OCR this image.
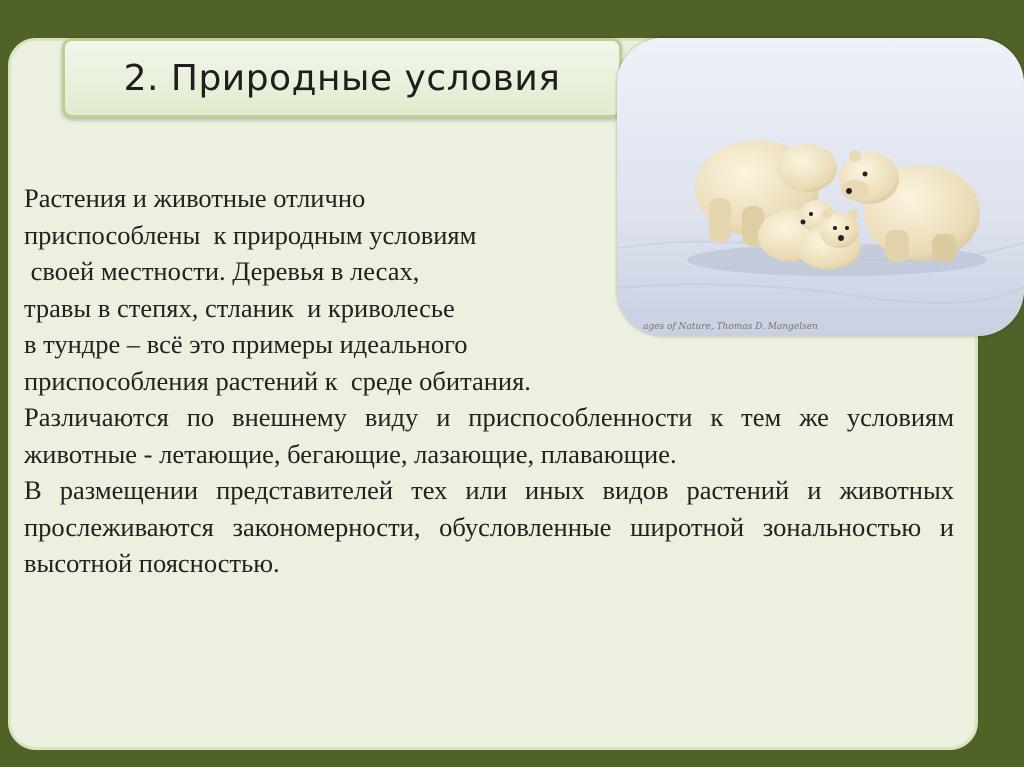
2. Природные условия
ages of Nature, Thomas D. Mangelsen
Растения и животные отлично
приспособлены  к природным условиям
своей местности. Деревья в лесах,
травы в степях, стланик  и криволесье
в тундре – всё это примеры идеального
приспособления растений к  среде обитания.
Различаются по внешнему виду и приспособленности к тем же условиям животные - летающие, бегающие, лазающие, плавающие.
В размещении представителей тех или иных видов растений и животных прослеживаются закономерности, обусловленные широтной зональностью и высотной поясностью.
